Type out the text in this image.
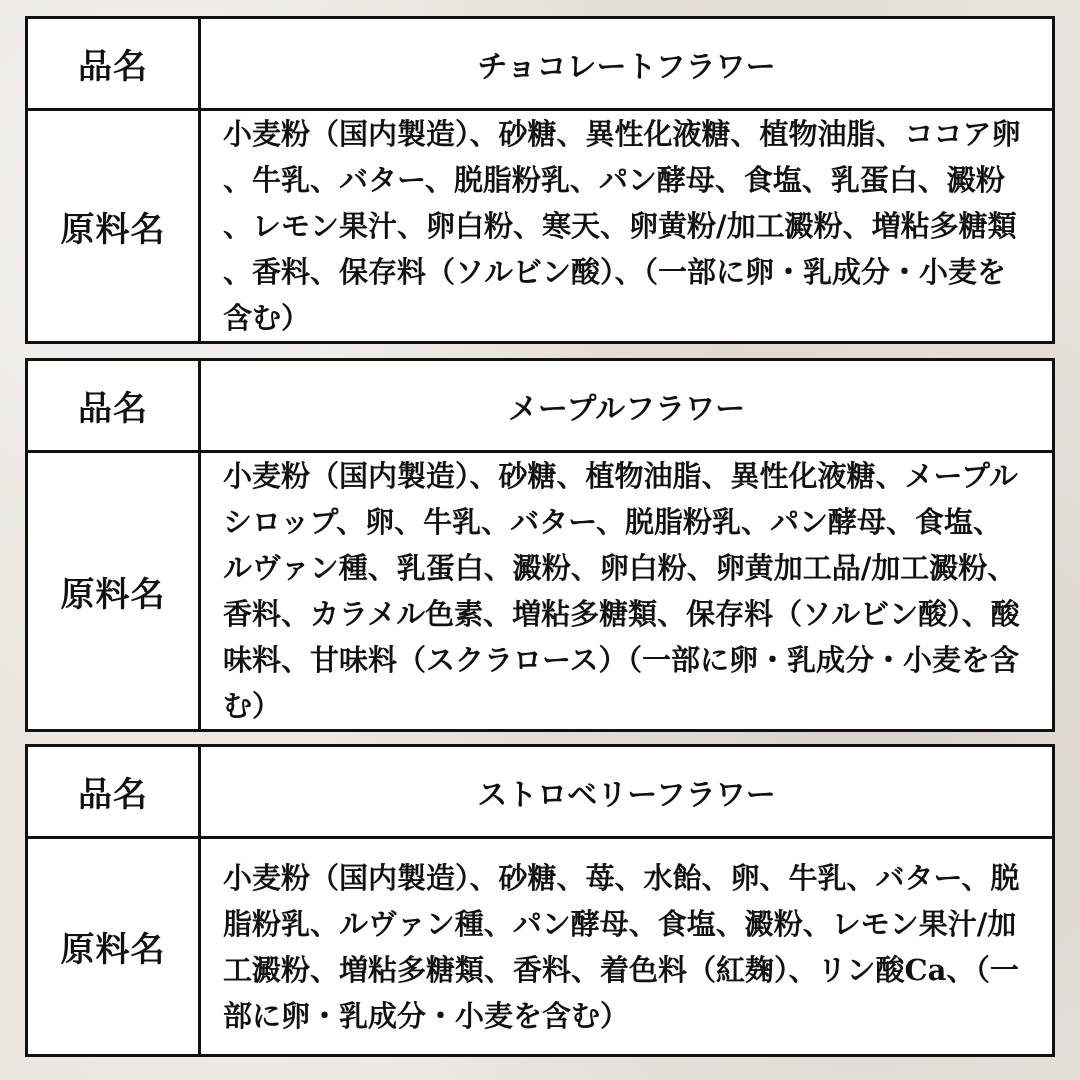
品名	チョコレートフラワー
原料名	小麦粉（国内製造）、砂糖、異性化液糖、植物油脂、ココア卵、牛乳、バター、脱脂粉乳、パン酵母、食塩、乳蛋白、澱粉、レモン果汁、卵白粉、寒天、卵黄粉/加工澱粉、増粘多糖類、香料、保存料（ソルビン酸）、（一部に卵・乳成分・小麦を含む）
品名	メープルフラワー
原料名	小麦粉（国内製造）、砂糖、植物油脂、異性化液糖、メープルシロップ、卵、牛乳、バター、脱脂粉乳、パン酵母、食塩、ルヴァン種、乳蛋白、澱粉、卵白粉、卵黄加工品/加工澱粉、香料、カラメル色素、増粘多糖類、保存料（ソルビン酸）、酸味料、甘味料（スクラロース）（一部に卵・乳成分・小麦を含む）
品名	ストロベリーフラワー
原料名	小麦粉（国内製造）、砂糖、苺、水飴、卵、牛乳、バター、脱脂粉乳、ルヴァン種、パン酵母、食塩、澱粉、レモン果汁/加工澱粉、増粘多糖類、香料、着色料（紅麹）、リン酸Ca、（一部に卵・乳成分・小麦を含む）
